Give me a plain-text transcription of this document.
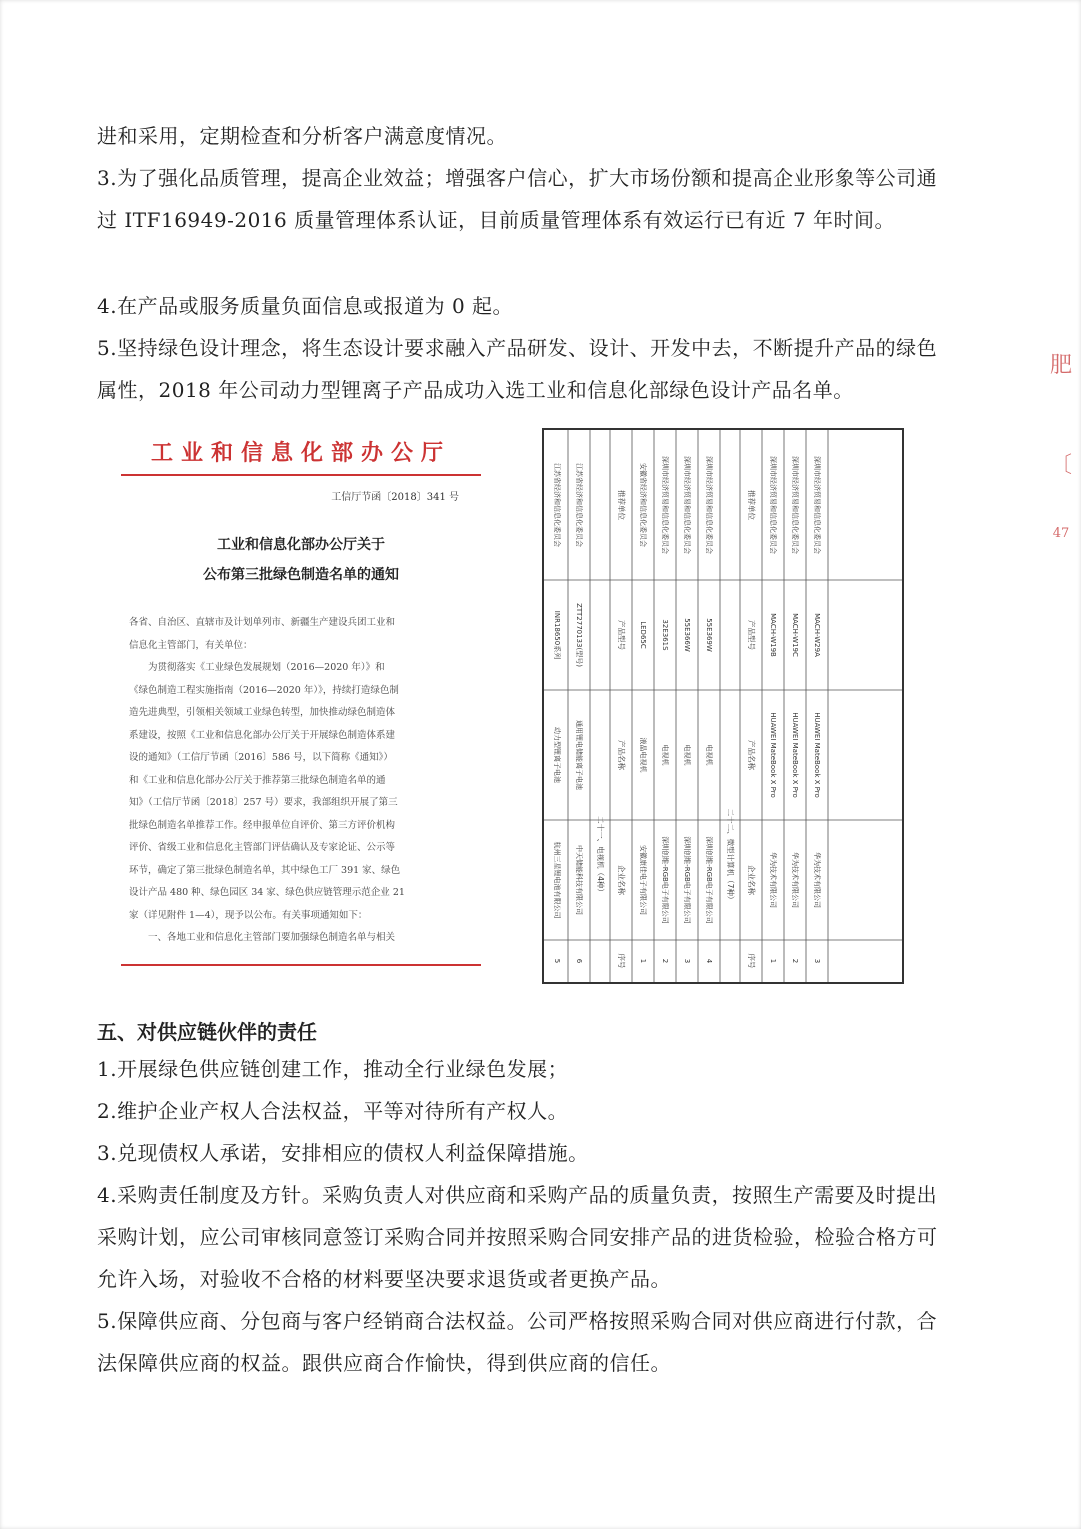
进和采用，定期检查和分析客户满意度情况。
3.为了强化品质管理，提高企业效益；增强客户信心，扩大市场份额和提高企业形象等公司通过 ITF16949-2016 质量管理体系认证，目前质量管理体系有效运行已有近 7 年时间。
4.在产品或服务质量负面信息或报道为 0 起。
5.坚持绿色设计理念，将生态设计要求融入产品研发、设计、开发中去，不断提升产品的绿色属性，2018 年公司动力型锂离子产品成功入选工业和信息化部绿色设计产品名单。
肥
〔
47
工业和信息化部办公厅
工信厅节函〔2018〕341 号
工业和信息化部办公厅关于
公布第三批绿色制造名单的通知

各省、自治区、直辖市及计划单列市、新疆生产建设兵团工业和

信息化主管部门，有关单位：

为贯彻落实《工业绿色发展规划（2016—2020 年）》和

《绿色制造工程实施指南（2016—2020 年）》，持续打造绿色制

造先进典型，引领相关领域工业绿色转型，加快推动绿色制造体

系建设，按照《工业和信息化部办公厅关于开展绿色制造体系建

设的通知》（工信厅节函〔2016〕586 号，以下简称《通知》）

和《工业和信息化部办公厅关于推荐第三批绿色制造名单的通

知》（工信厅节函〔2018〕257 号）要求，我部组织开展了第三

批绿色制造名单推荐工作。经申报单位自评价、第三方评价机构

评价、省级工业和信息化主管部门评估确认及专家论证、公示等

环节，确定了第三批绿色制造名单，其中绿色工厂 391 家、绿色

设计产品 480 种、绿色园区 34 家、绿色供应链管理示范企业 21

家（详见附件 1—4），现予以公布。有关事项通知如下：

一、各地工业和信息化主管部门要加强绿色制造名单与相关

5
杭州三星锂电池有限公司
动力型锂离子电池
INR18650系列
江苏省经济和信息化委员会
6
中天储能科技有限公司
通用锂电储能离子电池
ZTT2770133(型号)
江苏省经济和信息化委员会
二十一、电视机（4种）
序号
企业名称
产品名称
产品型号
推荐单位
1
安徽康佳电子有限公司
液晶电视机
LED65C
安徽省经济和信息化委员会
2
深圳创维-RGB电子有限公司
电视机
32E361S
深圳市经济贸易和信息化委员会
3
深圳创维-RGB电子有限公司
电视机
55E366W
深圳市经济贸易和信息化委员会
4
深圳创维-RGB电子有限公司
电视机
55E369W
深圳市经济贸易和信息化委员会
二十二、微型计算机（7种）
序号
企业名称
产品名称
产品型号
推荐单位
1
华为技术有限公司
HUAWEI MateBook X Pro
MACH-W19B
深圳市经济贸易和信息化委员会
2
华为技术有限公司
HUAWEI MateBook X Pro
MACH-W19C
深圳市经济贸易和信息化委员会
3
华为技术有限公司
HUAWEI MateBook X Pro
MACH-W29A
深圳市经济贸易和信息化委员会
五、对供应链伙伴的责任
1.开展绿色供应链创建工作，推动全行业绿色发展；
2.维护企业产权人合法权益，平等对待所有产权人。
3.兑现债权人承诺，安排相应的债权人利益保障措施。
4.采购责任制度及方针。采购负责人对供应商和采购产品的质量负责，按照生产需要及时提出采购计划，应公司审核同意签订采购合同并按照采购合同安排产品的进货检验，检验合格方可允许入场，对验收不合格的材料要坚决要求退货或者更换产品。
5.保障供应商、分包商与客户经销商合法权益。公司严格按照采购合同对供应商进行付款，合法保障供应商的权益。跟供应商合作愉快，得到供应商的信任。
